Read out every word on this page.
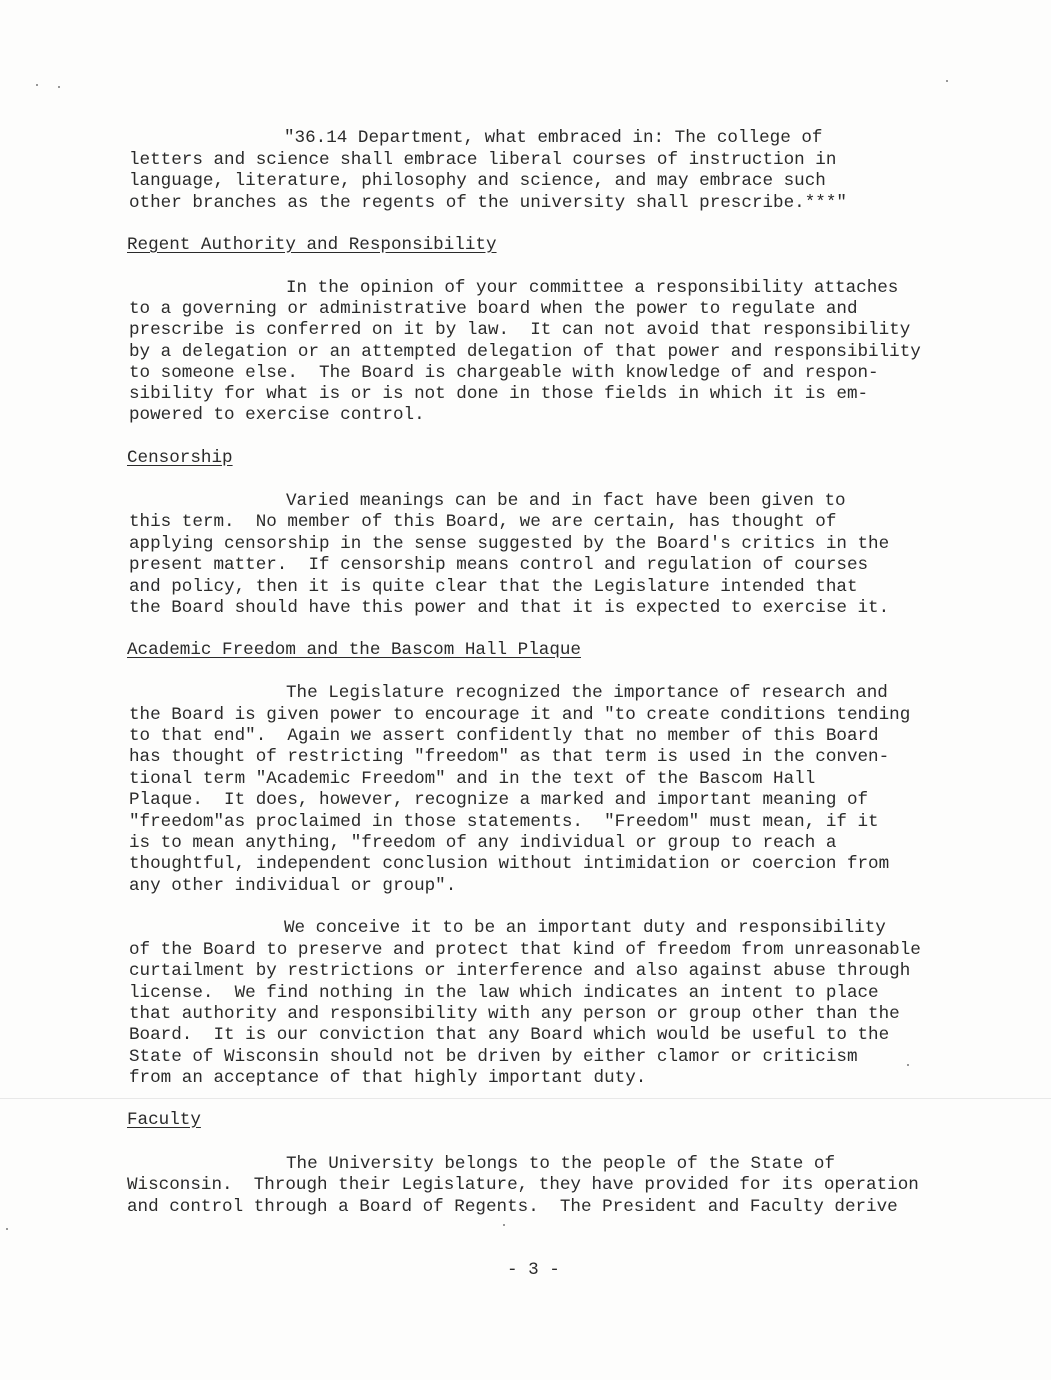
"36.14 Department, what embraced in: The college of
letters and science shall embrace liberal courses of instruction in
language, literature, philosophy and science, and may embrace such
other branches as the regents of the university shall prescribe.***"
Regent Authority and Responsibility
In the opinion of your committee a responsibility attaches
to a governing or administrative board when the power to regulate and
prescribe is conferred on it by law.  It can not avoid that responsibility
by a delegation or an attempted delegation of that power and responsibility
to someone else.  The Board is chargeable with knowledge of and respon-
sibility for what is or is not done in those fields in which it is em-
powered to exercise control.
Censorship
Varied meanings can be and in fact have been given to
this term.  No member of this Board, we are certain, has thought of
applying censorship in the sense suggested by the Board's critics in the
present matter.  If censorship means control and regulation of courses
and policy, then it is quite clear that the Legislature intended that
the Board should have this power and that it is expected to exercise it.
Academic Freedom and the Bascom Hall Plaque
The Legislature recognized the importance of research and
the Board is given power to encourage it and "to create conditions tending
to that end".  Again we assert confidently that no member of this Board
has thought of restricting "freedom" as that term is used in the conven-
tional term "Academic Freedom" and in the text of the Bascom Hall
Plaque.  It does, however, recognize a marked and important meaning of
"freedom"as proclaimed in those statements.  "Freedom" must mean, if it
is to mean anything, "freedom of any individual or group to reach a
thoughtful, independent conclusion without intimidation or coercion from
any other individual or group".
We conceive it to be an important duty and responsibility
of the Board to preserve and protect that kind of freedom from unreasonable
curtailment by restrictions or interference and also against abuse through
license.  We find nothing in the law which indicates an intent to place
that authority and responsibility with any person or group other than the
Board.  It is our conviction that any Board which would be useful to the
State of Wisconsin should not be driven by either clamor or criticism
from an acceptance of that highly important duty.
Faculty
The University belongs to the people of the State of
Wisconsin.  Through their Legislature, they have provided for its operation
and control through a Board of Regents.  The President and Faculty derive
- 3 -
